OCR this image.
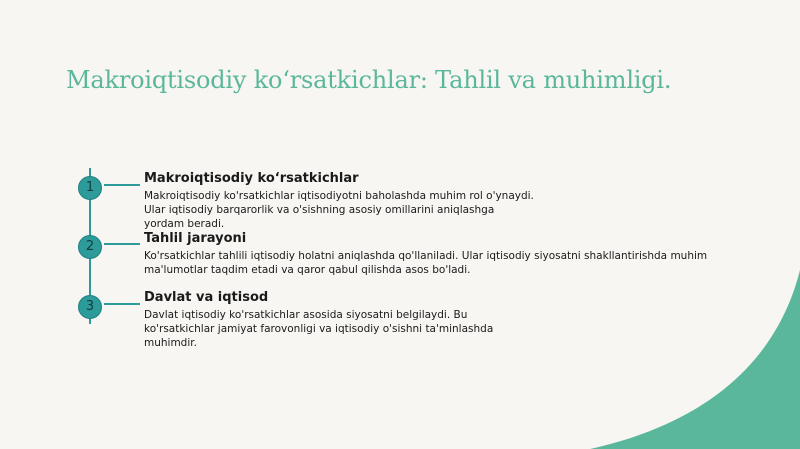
Makroiqtisodiy ko‘rsatkichlar: Tahlil va muhimligi.
1

Makroiqtisodiy ko‘rsatkichlar

Makroiqtisodiy ko'rsatkichlar iqtisodiyotni baholashda muhim rol o'ynaydi.
Ular iqtisodiy barqarorlik va o'sishning asosiy omillarini aniqlashga
yordam beradi.

2

Tahlil jarayoni

Ko'rsatkichlar tahlili iqtisodiy holatni aniqlashda qo'llaniladi. Ular iqtisodiy siyosatni shakllantirishda muhim
ma'lumotlar taqdim etadi va qaror qabul qilishda asos bo'ladi.

3

Davlat va iqtisod

Davlat iqtisodiy ko'rsatkichlar asosida siyosatni belgilaydi. Bu
ko'rsatkichlar jamiyat farovonligi va iqtisodiy o'sishni ta'minlashda
muhimdir.
